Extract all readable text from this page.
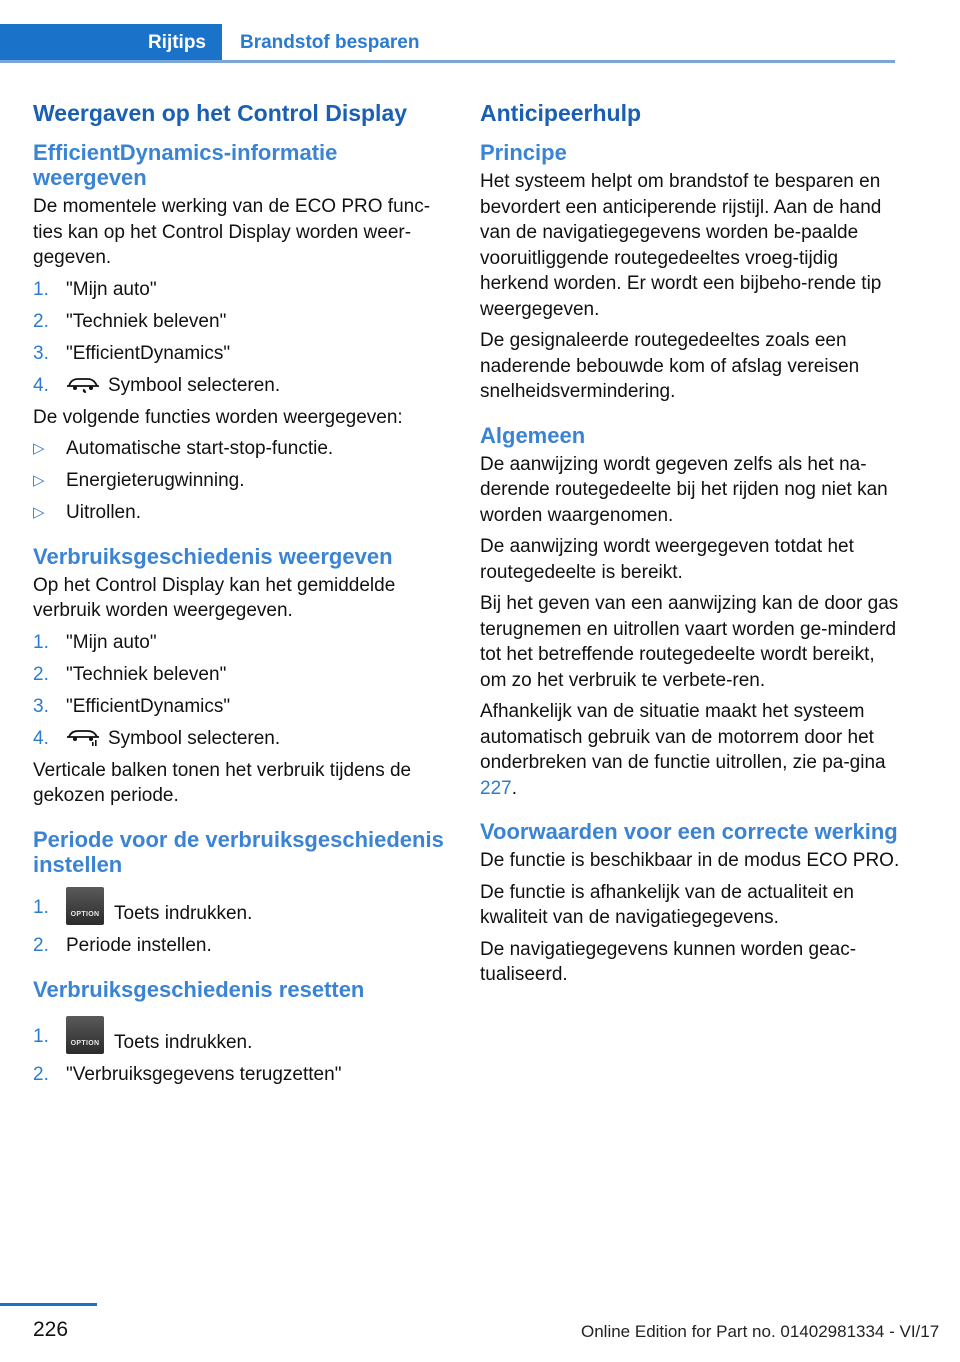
Rijtips	Brandstof besparen
Weergaven op het Control Display
EfficientDynamics-informatie weergeven

De momentele werking van de ECO PRO func-ties kan op het Control Display worden weer-gegeven.

1. "Mijn auto"
2. "Techniek beleven"
3. "EfficientDynamics"
4.	Symbool selecteren.

De volgende functies worden weergegeven:

▷ Automatische start-stop-functie.
▷ Energieterugwinning.
▷ Uitrollen.
Verbruiksgeschiedenis weergeven

Op het Control Display kan het gemiddelde verbruik worden weergegeven.

1. "Mijn auto"
2. "Techniek beleven"
3. "EfficientDynamics"
4.	Symbool selecteren.

Verticale balken tonen het verbruik tijdens de gekozen periode.

Periode voor de verbruiksgeschiedenis instellen
1.	OPTION Toets indrukken.
2. Periode instellen.
Verbruiksgeschiedenis resetten
1.	OPTION Toets indrukken.
2. "Verbruiksgegevens terugzetten"
Anticipeerhulp
Principe

Het systeem helpt om brandstof te besparen en bevordert een anticiperende rijstijl. Aan de hand van de navigatiegegevens worden be-paalde vooruitliggende routegedeeltes vroeg-tijdig herkend worden. Er wordt een bijbeho-rende tip weergegeven.

De gesignaleerde routegedeeltes zoals een naderende bebouwde kom of afslag vereisen snelheidsvermindering.

Algemeen

De aanwijzing wordt gegeven zelfs als het na-derende routegedeelte bij het rijden nog niet kan worden waargenomen.

De aanwijzing wordt weergegeven totdat het routegedeelte is bereikt.

Bij het geven van een aanwijzing kan de door gas terugnemen en uitrollen vaart worden ge-minderd tot het betreffende routegedeelte wordt bereikt, om zo het verbruik te verbete-ren.

Afhankelijk van de situatie maakt het systeem automatisch gebruik van de motorrem door het onderbreken van de functie uitrollen, zie pa-gina 227.

Voorwaarden voor een correcte werking

De functie is beschikbaar in de modus ECO PRO.

De functie is afhankelijk van de actualiteit en kwaliteit van de navigatiegegevens.

De navigatiegegevens kunnen worden geac-tualiseerd.

226	Online Edition for Part no. 01402981334 - VI/17
